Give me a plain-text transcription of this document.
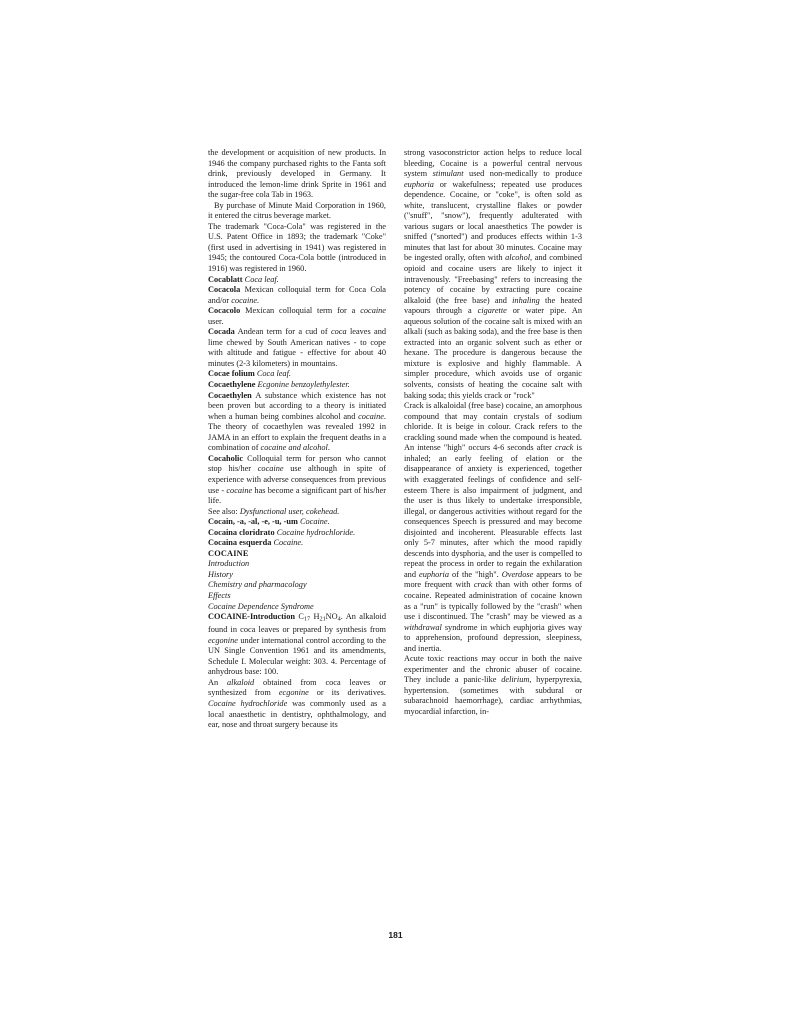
the development or acquisition of new products. In 1946 the company purchased rights to the Fanta soft drink, previously developed in Germany. It introduced the lemon-lime drink Sprite in 1961 and the sugar-free cola Tab in 1963.

By purchase of Minute Maid Corporation in 1960, it entered the citrus beverage market.

The trademark "Coca-Cola" was registered in the U.S. Patent Office in 1893; the trademark "Coke" (first used in advertising in 1941) was registered in 1945; the contoured Coca-Cola bottle (introduced in 1916) was registered in 1960.

Cocablatt Coca leaf.

Cocacola Mexican colloquial term for Coca Cola and/or cocaine.

Cocacolo Mexican colloquial term for a cocaine user.

Cocada Andean term for a cud of coca leaves and lime chewed by South American natives - to cope with altitude and fatigue - effective for about 40 minutes (2-3 kilometers) in mountains.

Cocae folium Coca leaf.

Cocaethylene Ecgonine benzoylethylester.

Cocaethylen A substance which existence has not been proven but according to a theory is initiated when a human being combines alcohol and cocaine. The theory of cocaethylen was revealed 1992 in JAMA in an effort to explain the frequent deaths in a combination of cocaine and alcohol.

Cocaholic Colloquial term for person who cannot stop his/her cocaine use although in spite of experience with adverse consequences from previous use - cocaine has become a significant part of his/her life.

See also: Dysfunctional user, cokehead.

Cocain, -a, -al, -e, -u, -um Cocaine.

Cocaina cloridrato Cocaine hydrochloride.

Cocaina esquerda Cocaine.

COCAINE

Introduction

History

Chemistry and pharmacology

Effects

Cocaine Dependence Syndrome

COCAINE-Introduction $C_{17}$ $H_{21}NO_4$. An alkaloid found in coca leaves or prepared by synthesis from ecgonine under international control according to the UN Single Convention 1961 and its amendments, Schedule I. Molecular weight: 303. 4. Percentage of anhydrous base: 100.

An alkaloid obtained from coca leaves or synthesized from ecgonine or its derivatives. Cocaine hydrochloride was commonly used as a local anaesthetic in dentistry, ophthalmology, and ear, nose and throat surgery because its

strong vasoconstrictor action helps to reduce local bleeding, Cocaine is a powerful central nervous system stimulant used non-medically to produce euphoria or wakefulness; repeated use produces dependence. Cocaine, or "coke", is often sold as white, translucent, crystalline flakes or powder ("snuff", "snow"), frequently adulterated with various sugars or local anaesthetics The powder is sniffed ("snorted") and produces effects within 1-3 minutes that last for about 30 minutes. Cocaine may be ingested orally, often with alcohol, and combined opioid and cocaine users are likely to inject it intravenously. "Freebasing" refers to increasing the potency of cocaine by extracting pure cocaine alkaloid (the free base) and inhaling the heated vapours through a cigarette or water pipe. An aqueous solution of the cocaine salt is mixed with an alkali (such as baking soda), and the free base is then extracted into an organic solvent such as ether or hexane. The procedure is dangerous because the mixture is explosive and highly flammable. A simpler procedure, which avoids use of organic solvents, consists of heating the cocaine salt with baking soda; this yields crack or "rock"

Crack is alkaloidal (free base) cocaine, an amorphous compound that may contain crystals of sodium chloride. It is beige in colour. Crack refers to the crackling sound made when the compound is heated. An intense "high" occurs 4-6 seconds after crack is inhaled; an early feeling of elation or the disappearance of anxiety is experienced, together with exaggerated feelings of confidence and self-esteem There is also impairment of judgment, and the user is thus likely to undertake irresponsible, illegal, or dangerous activities without regard for the consequences Speech is pressured and may become disjointed and incoherent. Pleasurable effects last only 5-7 minutes, after which the mood rapidly descends into dysphoria, and the user is compelled to repeat the process in order to regain the exhilaration and euphoria of the "high". Overdose appears to be more frequent with crack than with other forms of cocaine. Repeated administration of cocaine known as a "run" is typically followed by the "crash" when use i discontinued. The "crash" may be viewed as a withdrawal syndrome in which euphjoria gives way to apprehension, profound depression, sleepiness, and inertia.

Acute toxic reactions may occur in both the naive experimenter and the chronic abuser of cocaine. They include a panic-like delirium, hyperpyrexia, hypertension. (sometimes with subdural or subarachnoid haemorrhage), cardiac arrhythmias, myocardial infarction, in-

181
